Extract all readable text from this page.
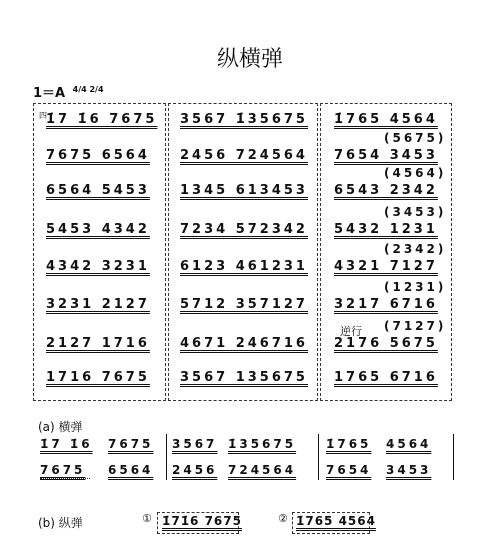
纵横弹
1＝A $^{4/4 2/4}$
四 1̇7 1̇6 7675
7675 6564
6564 5453
5453 4342
4342 3231
3231 2127
2127 1716
1716 7675
3567 1̇35675
2456 724564
1345 613453
7234 572342
6123 461231
5712 357127
4671 246716
3567 135675
1̇765 4564
7654 3453
6543 2342
5432 1231
4321 7127
3217 6716
2176 5675
1765 6716
(5675)
(4564)
(3453)
(2342)
(1231)
(7127)
逆行
(a) 横弹
1̇7 1̇6 7675 3567 1̇35675 1̇765 4564
7675 6564 2456 724564 7654 3453
(b) 纵弹	① 1̇71̇6 7675	② 1̇765 4564
